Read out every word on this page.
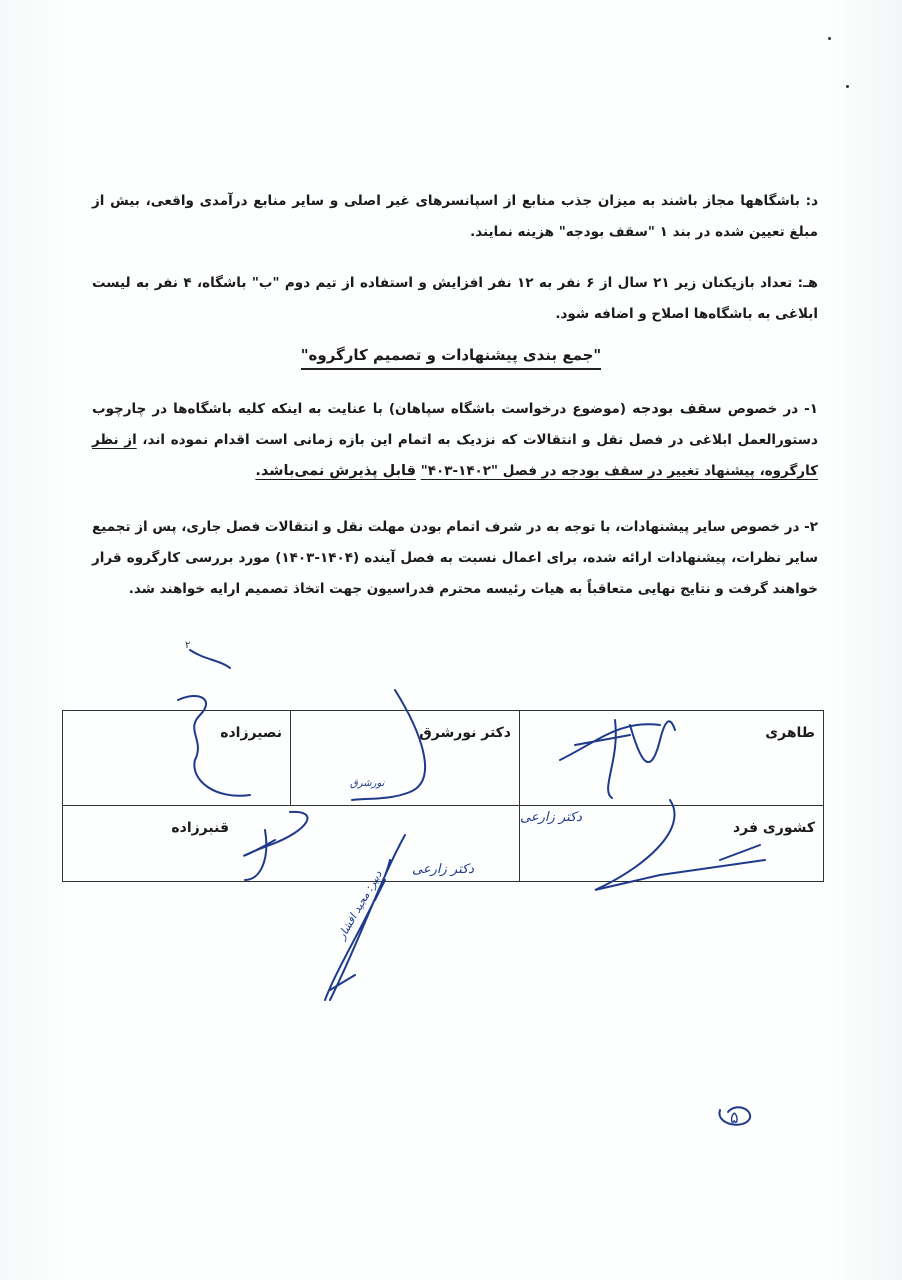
د: باشگاهها مجاز باشند به میزان جذب منابع از اسپانسرهای غیر اصلی و سایر منابع درآمدی واقعی، بیش از مبلغ تعیین شده در بند ۱ "سقف بودجه" هزینه نمایند.
هـ: تعداد بازیکنان زیر ۲۱ سال از ۶ نفر به ۱۲ نفر افزایش و استفاده از تیم دوم "ب" باشگاه، ۴ نفر به لیست ابلاغی به باشگاه‌ها اصلاح و اضافه شود.
"جمع بندی پیشنهادات و تصمیم کارگروه"
۱- در خصوص سقف بودجه (موضوع درخواست باشگاه سپاهان) با عنایت به اینکه کلیه باشگاه‌ها در چارچوب دستورالعمل ابلاغی در فصل نقل و انتقالات که نزدیک به اتمام این بازه زمانی است اقدام نموده اند، از نظر کارگروه، پیشنهاد تغییر در سقف بودجه در فصل "۱۴۰۲-۴۰۳" قابل پذیرش نمی‌باشد.
۲- در خصوص سایر پیشنهادات، با توجه به در شرف اتمام بودن مهلت نقل و انتقالات فصل جاری، پس از تجمیع سایر نظرات، پیشنهادات ارائه شده، برای اعمال نسبت به فصل آینده (۱۴۰۴-۱۴۰۳) مورد بررسی کارگروه قرار خواهند گرفت و نتایج نهایی متعاقباً به هیات رئیسه محترم فدراسیون جهت اتخاذ تصمیم ارایه خواهند شد.
طاهری	دکتر نورشرق	نصیرزاده
کشوری فرد	قنبرزاده	
نورشرق
دکتر زارعی
دکتر زارعی
دبیر: مجید افشار
۲
۵
